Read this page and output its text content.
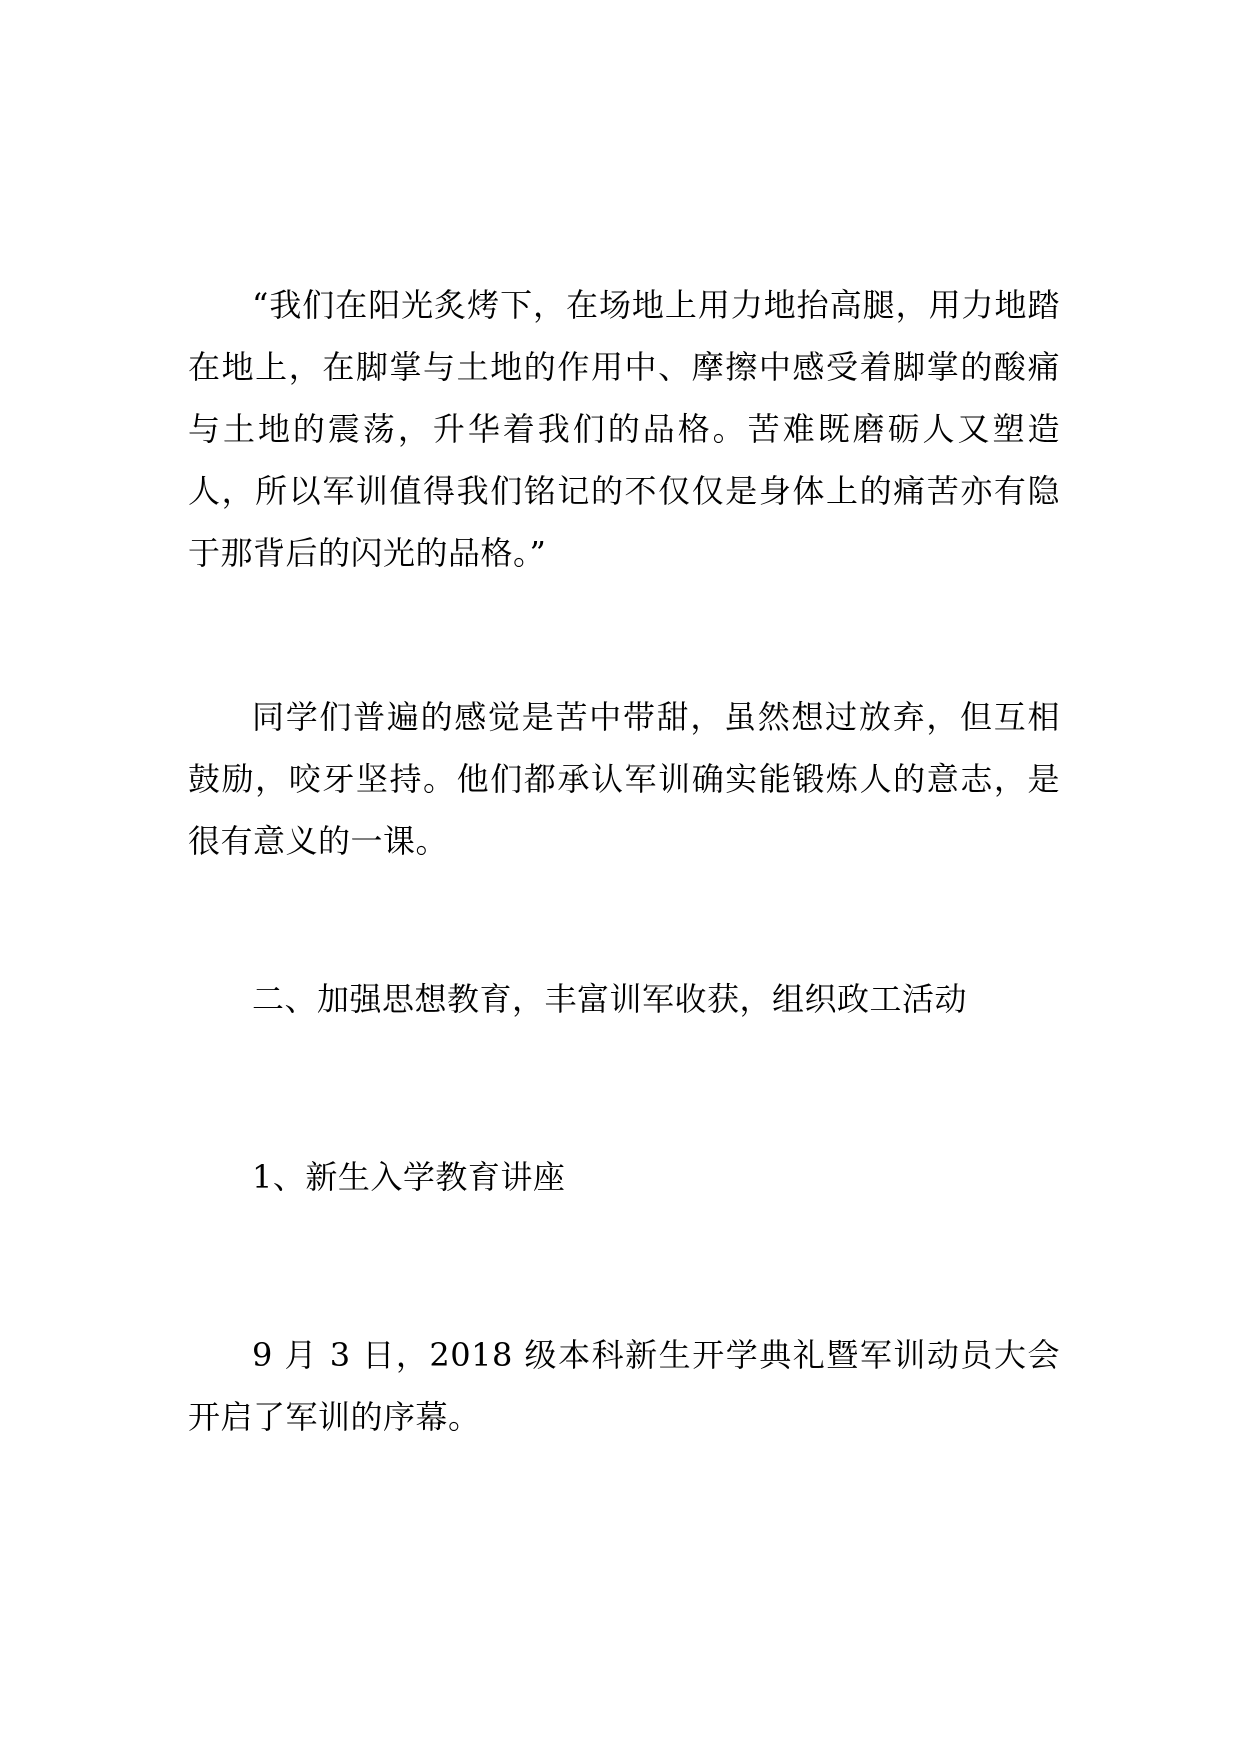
“我们在阳光炙烤下，在场地上用力地抬高腿，用力地踏在地上，在脚掌与土地的作用中、摩擦中感受着脚掌的酸痛与土地的震荡，升华着我们的品格。苦难既磨砺人又塑造人，所以军训值得我们铭记的不仅仅是身体上的痛苦亦有隐于那背后的闪光的品格。”

同学们普遍的感觉是苦中带甜，虽然想过放弃，但互相鼓励，咬牙坚持。他们都承认军训确实能锻炼人的意志，是很有意义的一课。

二、加强思想教育，丰富训军收获，组织政工活动

1、新生入学教育讲座

9 月 3 日，2018 级本科新生开学典礼暨军训动员大会开启了军训的序幕。
